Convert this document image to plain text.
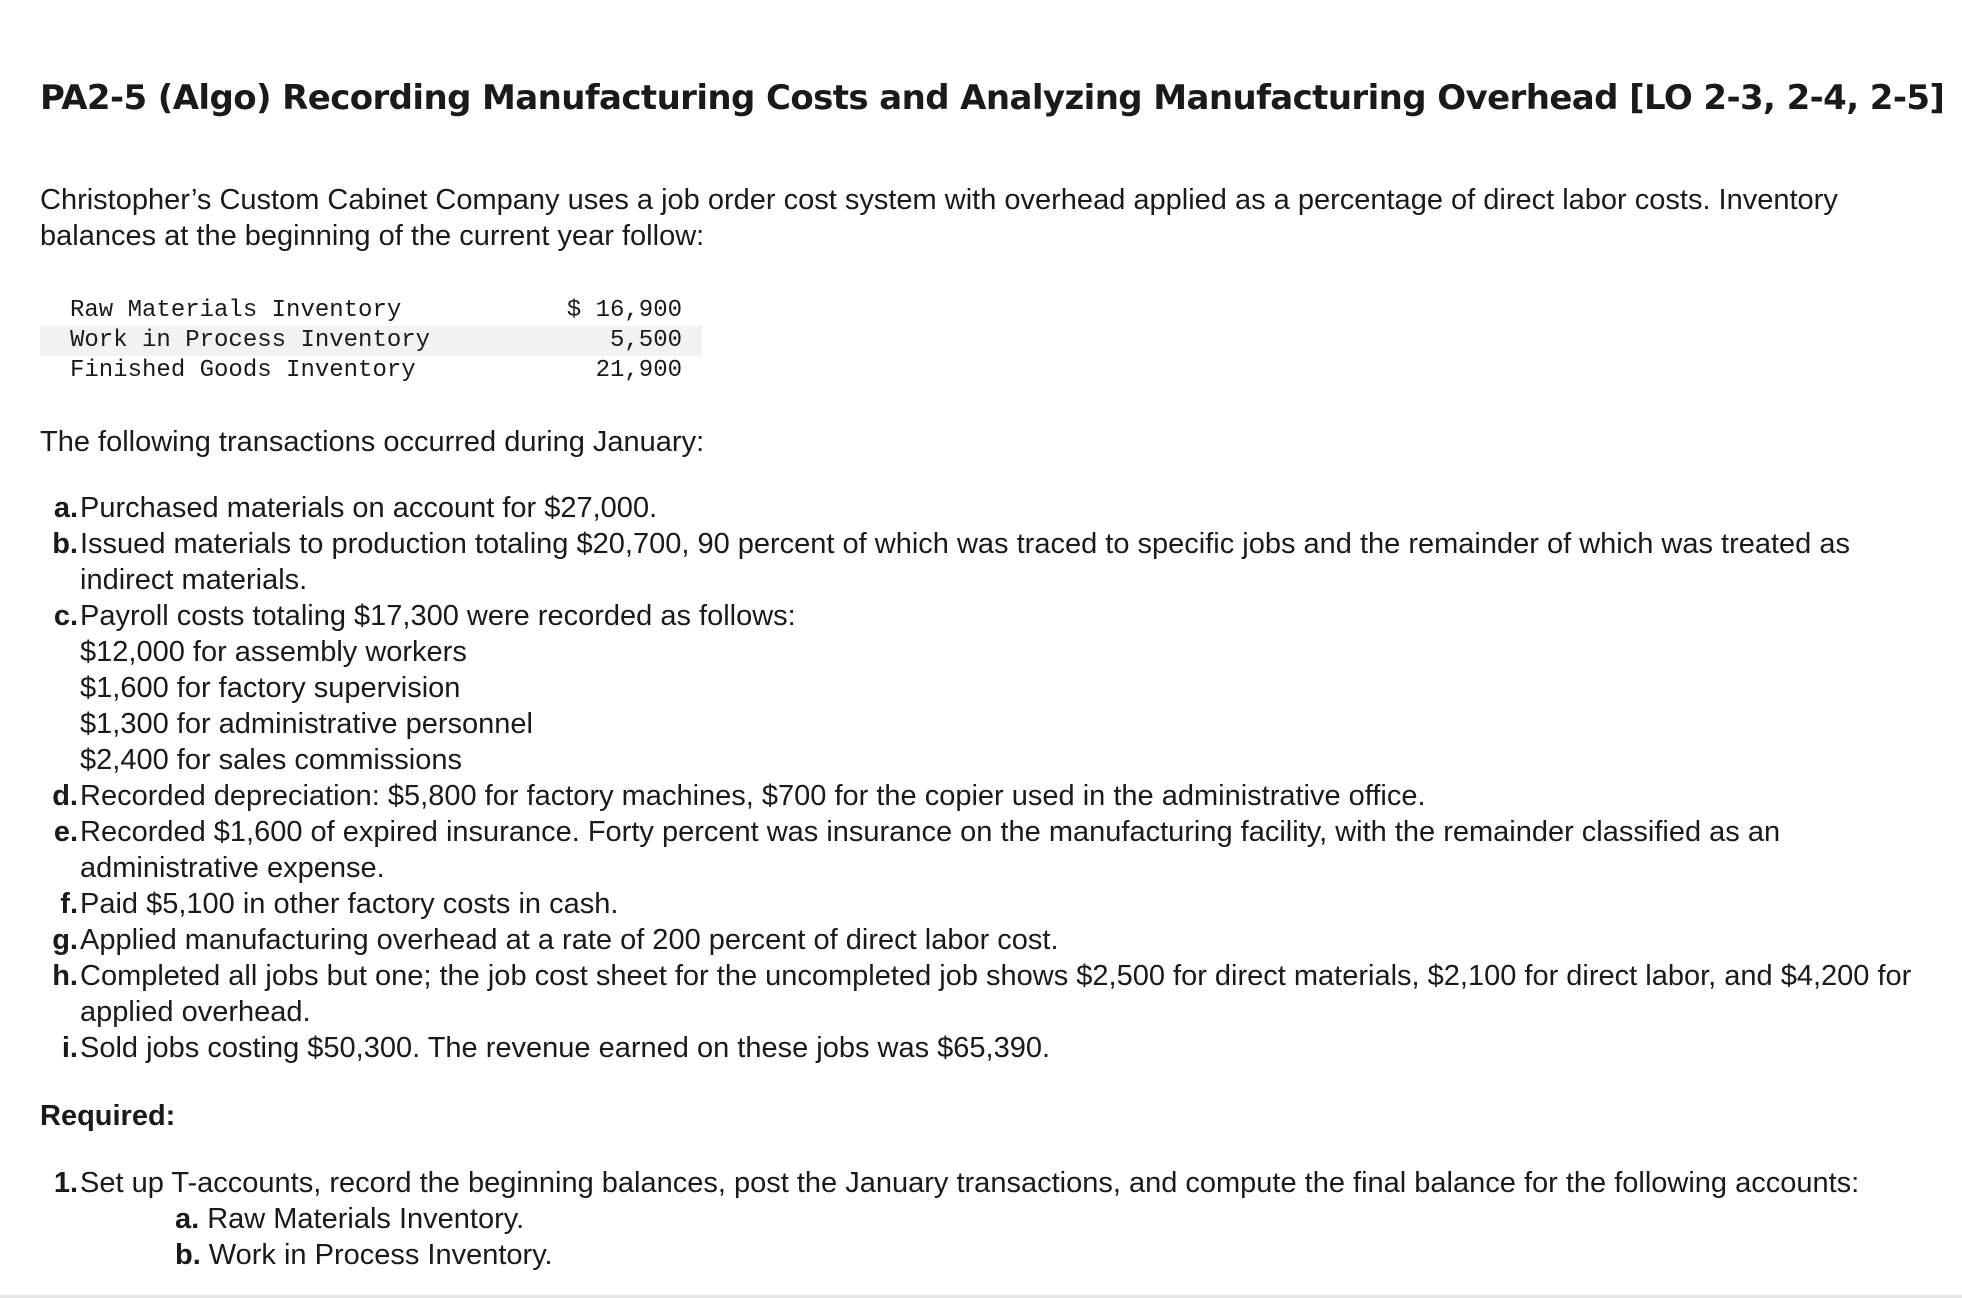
PA2-5 (Algo) Recording Manufacturing Costs and Analyzing Manufacturing Overhead [LO 2-3, 2-4, 2-5]

Christopher’s Custom Cabinet Company uses a job order cost system with overhead applied as a percentage of direct labor costs. Inventory balances at the beginning of the current year follow:

Raw Materials Inventory	$ 16,900
Work in Process Inventory	5,500
Finished Goods Inventory	21,900

The following transactions occurred during January:

a. Purchased materials on account for $27,000.
b. Issued materials to production totaling $20,700, 90 percent of which was traced to specific jobs and the remainder of which was treated as indirect materials.
c. Payroll costs totaling $17,300 were recorded as follows:
$12,000 for assembly workers
$1,600 for factory supervision
$1,300 for administrative personnel
$2,400 for sales commissions
d. Recorded depreciation: $5,800 for factory machines, $700 for the copier used in the administrative office.
e. Recorded $1,600 of expired insurance. Forty percent was insurance on the manufacturing facility, with the remainder classified as an administrative expense.
f. Paid $5,100 in other factory costs in cash.
g. Applied manufacturing overhead at a rate of 200 percent of direct labor cost.
h. Completed all jobs but one; the job cost sheet for the uncompleted job shows $2,500 for direct materials, $2,100 for direct labor, and $4,200 for applied overhead.
i. Sold jobs costing $50,300. The revenue earned on these jobs was $65,390.

Required:

1. Set up T-accounts, record the beginning balances, post the January transactions, and compute the final balance for the following accounts:
a. Raw Materials Inventory.
b. Work in Process Inventory.
